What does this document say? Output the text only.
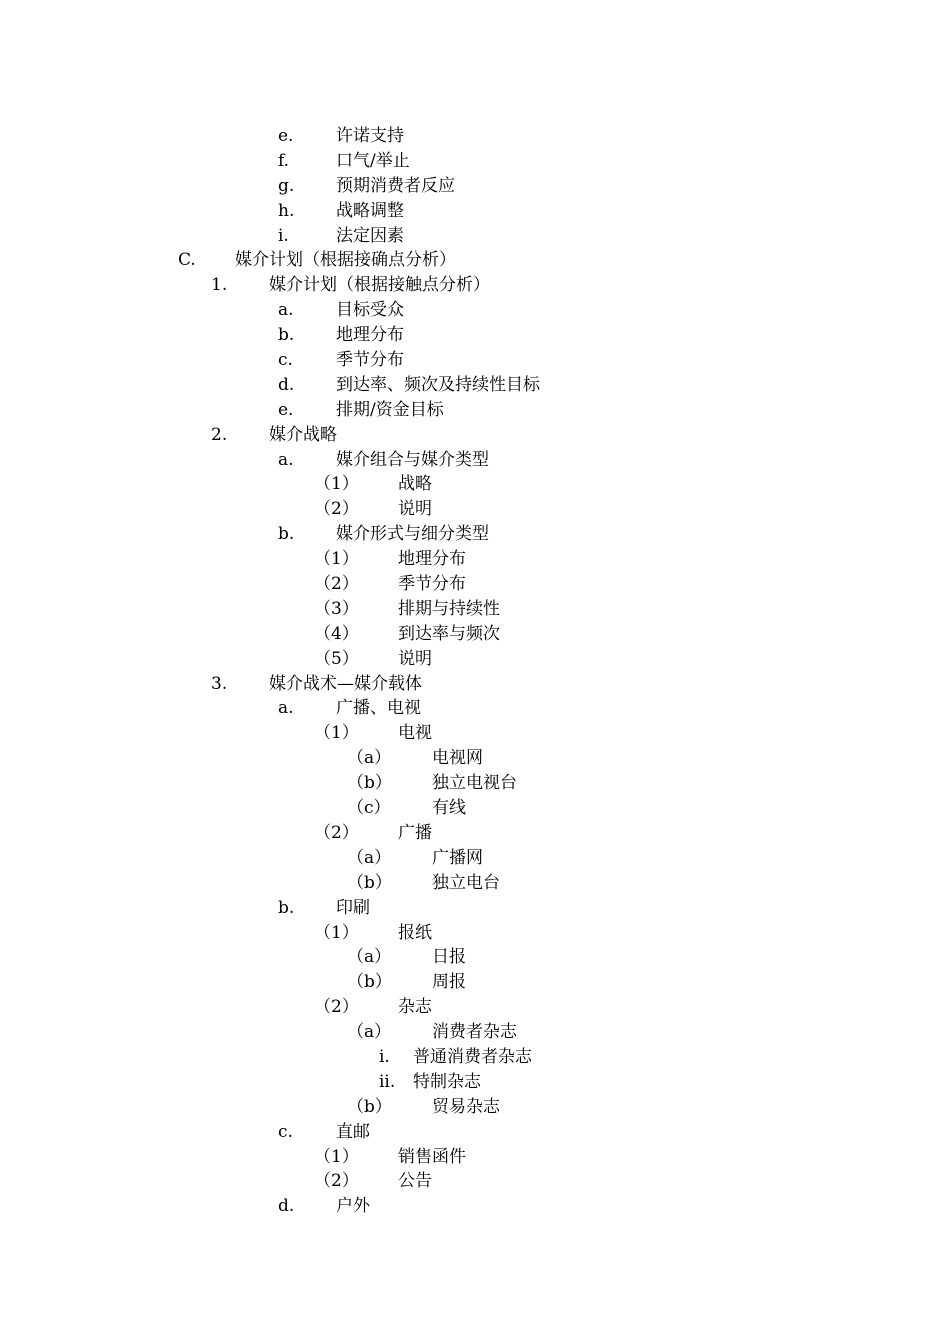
e.	许诺支持
f.	口气/举止
g. 预期消费者反应
h. 战略调整
i.	法定因素
C. 媒介计划（根据接确点分析）
1. 媒介计划（根据接触点分析）
a. 目标受众
b. 地理分布
c.	季节分布
d. 到达率、频次及持续性目标
e.	排期/资金目标
2. 媒介战略
a. 媒介组合与媒介类型
（1） 战略
（2） 说明
b. 媒介形式与细分类型
（1） 地理分布
（2） 季节分布
（3） 排期与持续性
（4） 到达率与频次
（5） 说明
3. 媒介战术—媒介载体
a. 广播、电视
（1） 电视
（a） 电视网
（b） 独立电视台
（c） 有线
（2） 广播
（a） 广播网
（b） 独立电台
b. 印刷
（1） 报纸
（a） 日报
（b） 周报
（2） 杂志
（a） 消费者杂志
i. 普通消费者杂志
ii. 特制杂志
（b） 贸易杂志
c.	直邮
（1） 销售函件
（2） 公告
d. 户外
